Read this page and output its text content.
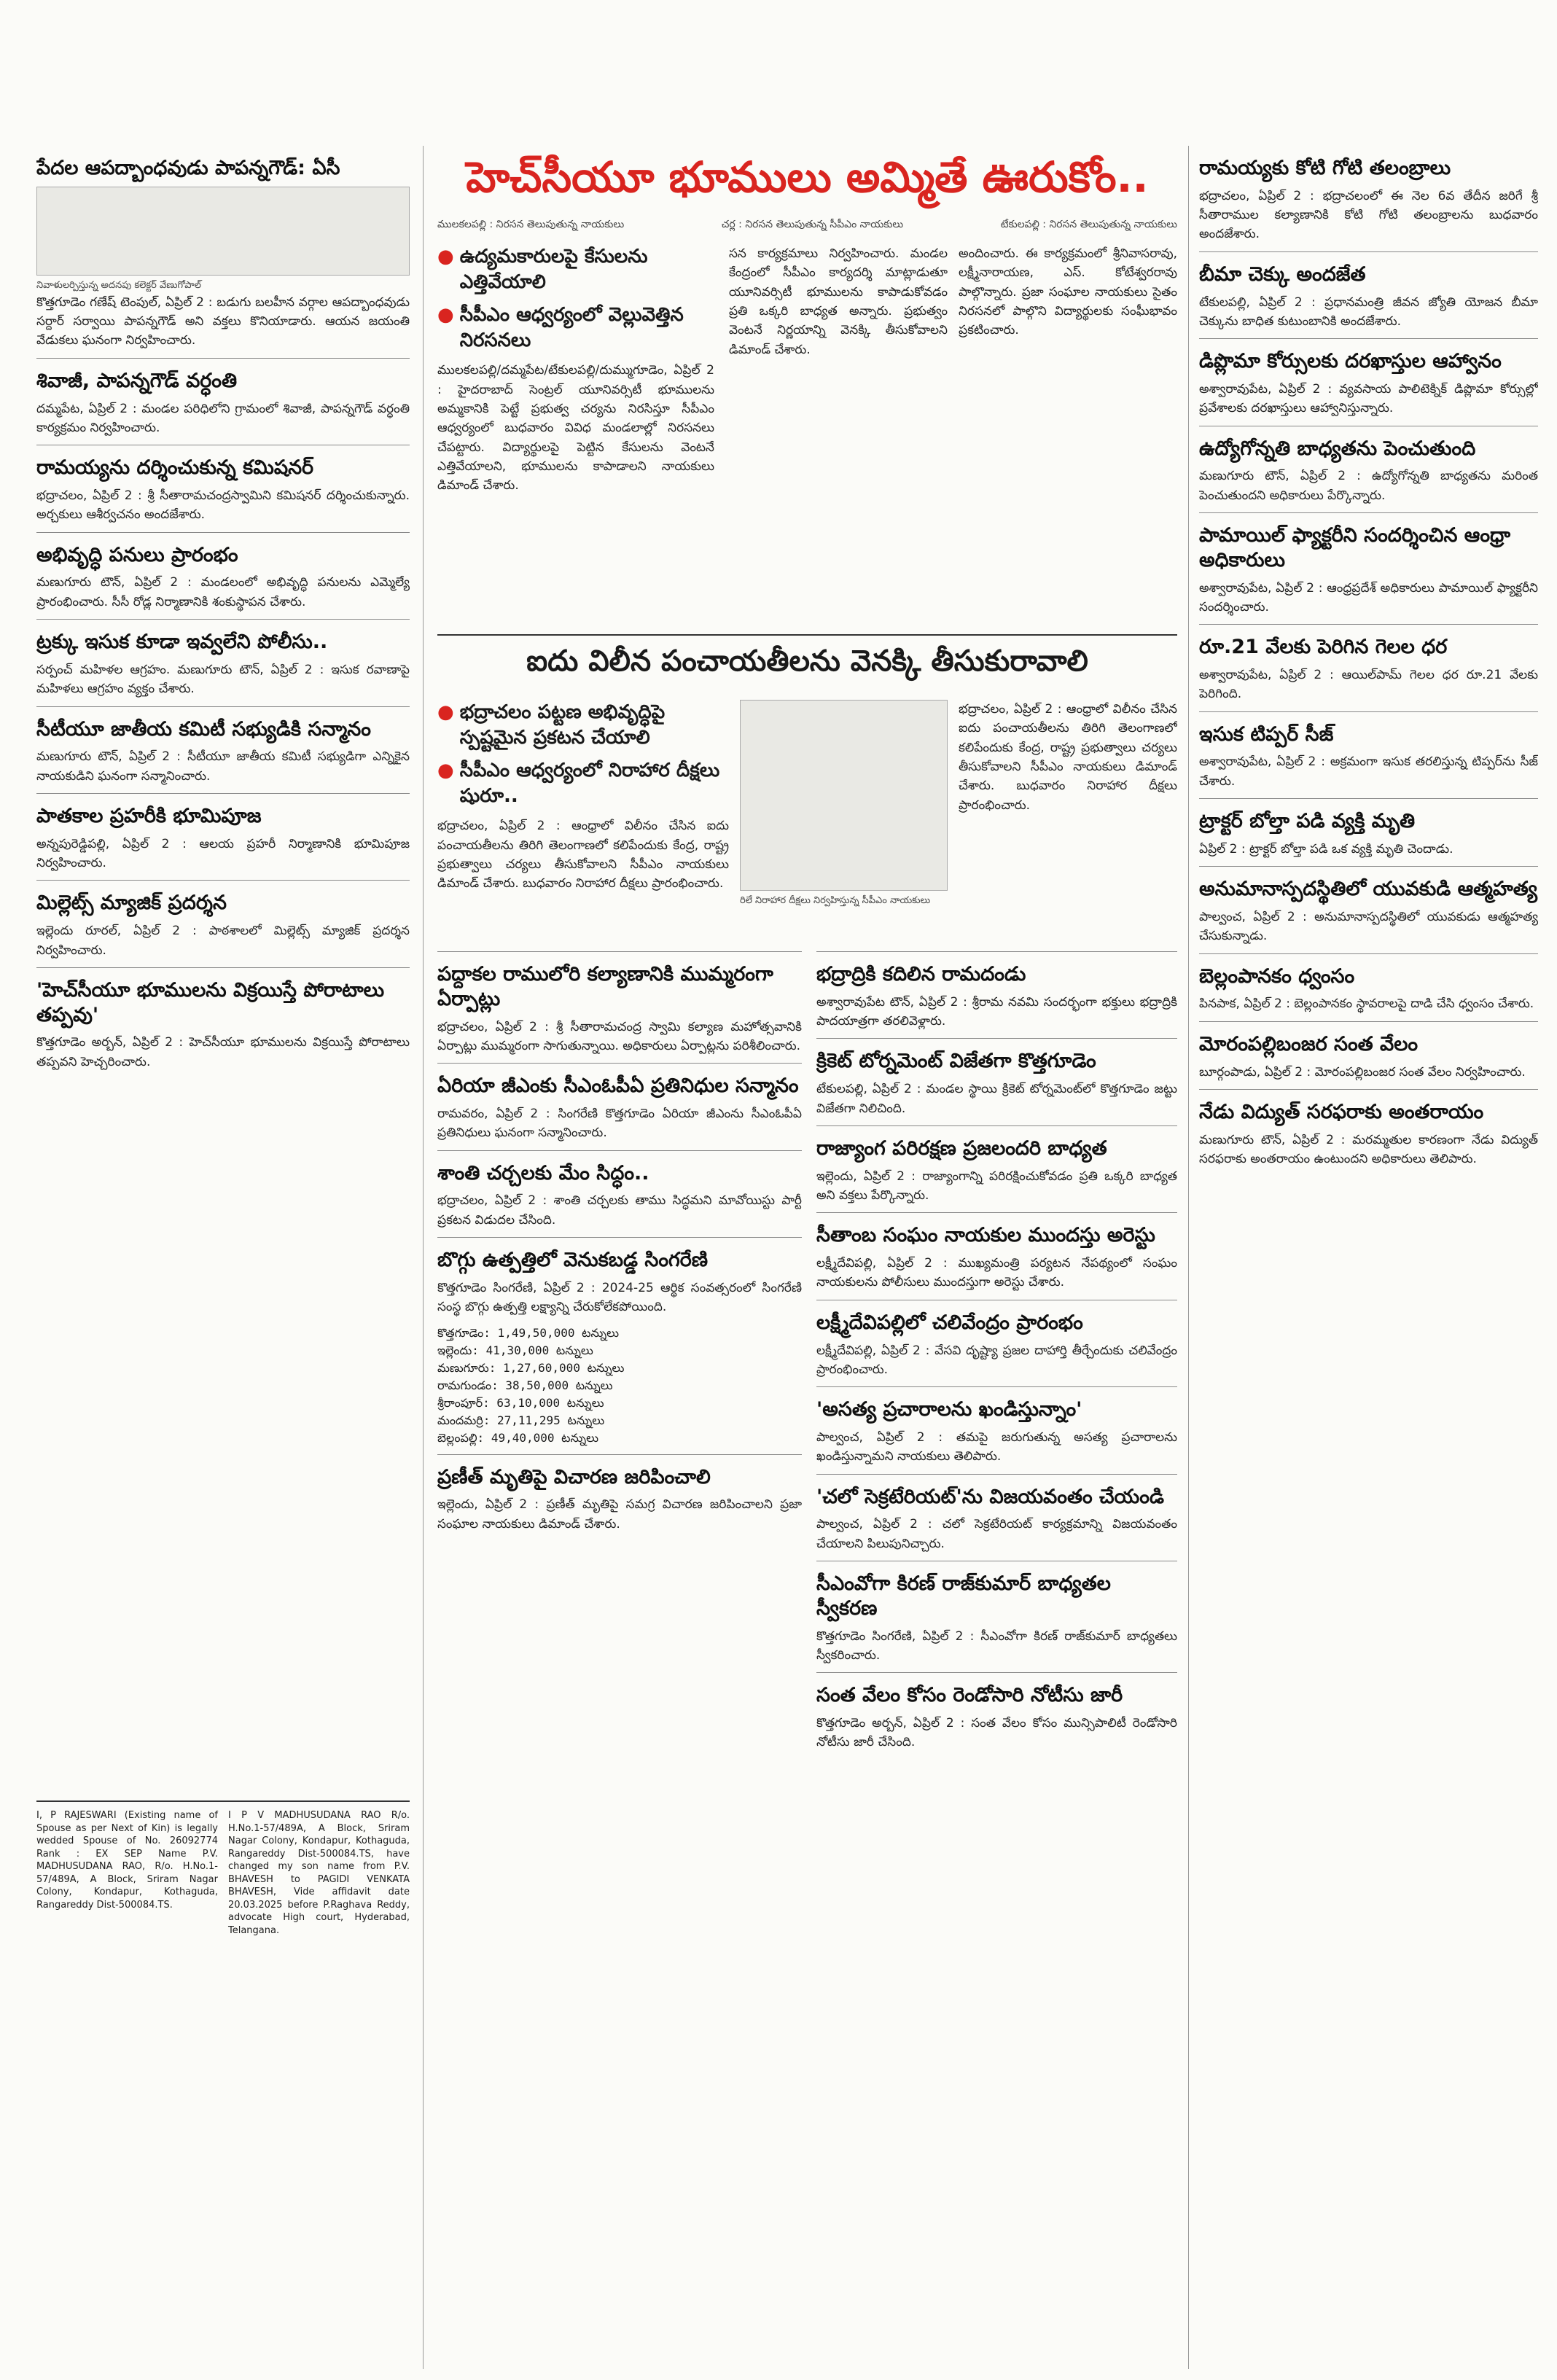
హెచ్‌సీయూ భూములు అమ్మితే ఊరుకోం..
ములకలపల్లి : నిరసన తెలుపుతున్న నాయకులు	చర్ల : నిరసన తెలుపుతున్న సీపీఎం నాయకులు	టేకులపల్లి : నిరసన తెలుపుతున్న నాయకులు
పేదల ఆపద్బాంధవుడు పాపన్నగౌడ్: ఏసీ
నివాళులర్పిస్తున్న అదనపు కలెక్టర్ వేణుగోపాల్

కొత్తగూడెం గణేష్ టెంపుల్, ఏప్రిల్ 2 : బడుగు బలహీన వర్గాల ఆపద్బాంధవుడు సర్దార్ సర్వాయి పాపన్నగౌడ్ అని వక్తలు కొనియాడారు. ఆయన జయంతి వేడుకలు ఘనంగా నిర్వహించారు.

శివాజీ, పాపన్నగౌడ్ వర్ధంతి

దమ్మపేట, ఏప్రిల్ 2 : మండల పరిధిలోని గ్రామంలో శివాజీ, పాపన్నగౌడ్ వర్ధంతి కార్యక్రమం నిర్వహించారు.

రామయ్యను దర్శించుకున్న కమిషనర్

భద్రాచలం, ఏప్రిల్ 2 : శ్రీ సీతారామచంద్రస్వామిని కమిషనర్ దర్శించుకున్నారు. అర్చకులు ఆశీర్వచనం అందజేశారు.

అభివృద్ధి పనులు ప్రారంభం

మణుగూరు టౌన్, ఏప్రిల్ 2 : మండలంలో అభివృద్ధి పనులను ఎమ్మెల్యే ప్రారంభించారు. సీసీ రోడ్ల నిర్మాణానికి శంకుస్థాపన చేశారు.

ట్రక్కు ఇసుక కూడా ఇవ్వలేని పోలీసు..

సర్పంచ్ మహిళల ఆగ్రహం. మణుగూరు టౌన్, ఏప్రిల్ 2 : ఇసుక రవాణాపై మహిళలు ఆగ్రహం వ్యక్తం చేశారు.

సీటీయూ జాతీయ కమిటీ సభ్యుడికి సన్మానం

మణుగూరు టౌన్, ఏప్రిల్ 2 : సీటీయూ జాతీయ కమిటీ సభ్యుడిగా ఎన్నికైన నాయకుడిని ఘనంగా సన్మానించారు.

పాతకాల ప్రహరీకి భూమిపూజ

అన్నపురెడ్డిపల్లి, ఏప్రిల్ 2 : ఆలయ ప్రహరీ నిర్మాణానికి భూమిపూజ నిర్వహించారు.

మిల్లెట్స్ మ్యాజిక్ ప్రదర్శన

ఇల్లెందు రూరల్, ఏప్రిల్ 2 : పాఠశాలలో మిల్లెట్స్ మ్యాజిక్ ప్రదర్శన నిర్వహించారు.

'హెచ్‌సీయూ భూములను విక్రయిస్తే పోరాటాలు తప్పవు'

కొత్తగూడెం అర్బన్, ఏప్రిల్ 2 : హెచ్‌సీయూ భూములను విక్రయిస్తే పోరాటాలు తప్పవని హెచ్చరించారు.

I, P RAJESWARI (Existing name of Spouse as per Next of Kin) is legally wedded Spouse of No. 26092774 Rank : EX SEP Name P.V. MADHUSUDANA RAO, R/o. H.No.1-57/489A, A Block, Sriram Nagar Colony, Kondapur, Kothaguda, Rangareddy Dist-500084.TS.
I P V MADHUSUDANA RAO R/o. H.No.1-57/489A, A Block, Sriram Nagar Colony, Kondapur, Kothaguda, Rangareddy Dist-500084.TS, have changed my son name from P.V. BHAVESH to PAGIDI VENKATA BHAVESH, Vide affidavit date 20.03.2025 before P.Raghava Reddy, advocate High court, Hyderabad, Telangana.
● ఉద్యమకారులపై కేసులను ఎత్తివేయాలి
● సీపీఎం ఆధ్వర్యంలో వెల్లువెత్తిన నిరసనలు

ములకలపల్లి/దమ్మపేట/టేకులపల్లి/దుమ్ముగూడెం, ఏప్రిల్ 2 : హైదరాబాద్ సెంట్రల్ యూనివర్సిటీ భూములను అమ్మకానికి పెట్టే ప్రభుత్వ చర్యను నిరసిస్తూ సీపీఎం ఆధ్వర్యంలో బుధవారం వివిధ మండలాల్లో నిరసనలు చేపట్టారు. విద్యార్థులపై పెట్టిన కేసులను వెంటనే ఎత్తివేయాలని, భూములను కాపాడాలని నాయకులు డిమాండ్ చేశారు.

సన కార్యక్రమాలు నిర్వహించారు. మండల కేంద్రంలో సీపీఎం కార్యదర్శి మాట్లాడుతూ యూనివర్సిటీ భూములను కాపాడుకోవడం ప్రతి ఒక్కరి బాధ్యత అన్నారు. ప్రభుత్వం వెంటనే నిర్ణయాన్ని వెనక్కి తీసుకోవాలని డిమాండ్ చేశారు.

అందించారు. ఈ కార్యక్రమంలో శ్రీనివాసరావు, లక్ష్మీనారాయణ, ఎస్. కోటేశ్వరరావు పాల్గొన్నారు. ప్రజా సంఘాల నాయకులు సైతం నిరసనలో పాల్గొని విద్యార్థులకు సంఘీభావం ప్రకటించారు.

ఐదు విలీన పంచాయతీలను వెనక్కి తీసుకురావాలి
● భద్రాచలం పట్టణ అభివృద్ధిపై స్పష్టమైన ప్రకటన చేయాలి
● సీపీఎం ఆధ్వర్యంలో నిరాహార దీక్షలు షురూ..

భద్రాచలం, ఏప్రిల్ 2 : ఆంధ్రాలో విలీనం చేసిన ఐదు పంచాయతీలను తిరిగి తెలంగాణలో కలిపేందుకు కేంద్ర, రాష్ట్ర ప్రభుత్వాలు చర్యలు తీసుకోవాలని సీపీఎం నాయకులు డిమాండ్ చేశారు. బుధవారం నిరాహార దీక్షలు ప్రారంభించారు.

రిలే నిరాహార దీక్షలు నిర్వహిస్తున్న సీపీఎం నాయకులు

భద్రాచలం, ఏప్రిల్ 2 : ఆంధ్రాలో విలీనం చేసిన ఐదు పంచాయతీలను తిరిగి తెలంగాణలో కలిపేందుకు కేంద్ర, రాష్ట్ర ప్రభుత్వాలు చర్యలు తీసుకోవాలని సీపీఎం నాయకులు డిమాండ్ చేశారు. బుధవారం నిరాహార దీక్షలు ప్రారంభించారు.

పద్దాకల రాములోరి కల్యాణానికి ముమ్మరంగా ఏర్పాట్లు

భద్రాచలం, ఏప్రిల్ 2 : శ్రీ సీతారామచంద్ర స్వామి కల్యాణ మహోత్సవానికి ఏర్పాట్లు ముమ్మరంగా సాగుతున్నాయి. అధికారులు ఏర్పాట్లను పరిశీలించారు.

ఏరియా జీఎంకు సీఎంఓపీఏ ప్రతినిధుల సన్మానం

రామవరం, ఏప్రిల్ 2 : సింగరేణి కొత్తగూడెం ఏరియా జీఎంను సీఎంఓపీఏ ప్రతినిధులు ఘనంగా సన్మానించారు.

శాంతి చర్చలకు మేం సిద్ధం..

భద్రాచలం, ఏప్రిల్ 2 : శాంతి చర్చలకు తాము సిద్ధమని మావోయిస్టు పార్టీ ప్రకటన విడుదల చేసింది.

బొగ్గు ఉత్పత్తిలో వెనుకబడ్డ సింగరేణి

కొత్తగూడెం సింగరేణి, ఏప్రిల్ 2 : 2024-25 ఆర్థిక సంవత్సరంలో సింగరేణి సంస్థ బొగ్గు ఉత్పత్తి లక్ష్యాన్ని చేరుకోలేకపోయింది.

కొత్తగూడెం: 1,49,50,000 టన్నులు
ఇల్లెందు: 41,30,000 టన్నులు
మణుగూరు: 1,27,60,000 టన్నులు
రామగుండం: 38,50,000 టన్నులు
శ్రీరాంపూర్: 63,10,000 టన్నులు
మందమర్రి: 27,11,295 టన్నులు
బెల్లంపల్లి: 49,40,000 టన్నులు
ప్రణీత్ మృతిపై విచారణ జరిపించాలి

ఇల్లెందు, ఏప్రిల్ 2 : ప్రణీత్ మృతిపై సమగ్ర విచారణ జరిపించాలని ప్రజా సంఘాల నాయకులు డిమాండ్ చేశారు.

భద్రాద్రికి కదిలిన రామదండు

అశ్వారావుపేట టౌన్, ఏప్రిల్ 2 : శ్రీరామ నవమి సందర్భంగా భక్తులు భద్రాద్రికి పాదయాత్రగా తరలివెళ్లారు.

క్రికెట్ టోర్నమెంట్ విజేతగా కొత్తగూడెం

టేకులపల్లి, ఏప్రిల్ 2 : మండల స్థాయి క్రికెట్ టోర్నమెంట్‌లో కొత్తగూడెం జట్టు విజేతగా నిలిచింది.

రాజ్యాంగ పరిరక్షణ ప్రజలందరి బాధ్యత

ఇల్లెందు, ఏప్రిల్ 2 : రాజ్యాంగాన్ని పరిరక్షించుకోవడం ప్రతి ఒక్కరి బాధ్యత అని వక్తలు పేర్కొన్నారు.

సీతాంబ సంఘం నాయకుల ముందస్తు అరెస్టు

లక్ష్మీదేవిపల్లి, ఏప్రిల్ 2 : ముఖ్యమంత్రి పర్యటన నేపథ్యంలో సంఘం నాయకులను పోలీసులు ముందస్తుగా అరెస్టు చేశారు.

లక్ష్మీదేవిపల్లిలో చలివేంద్రం ప్రారంభం

లక్ష్మీదేవిపల్లి, ఏప్రిల్ 2 : వేసవి దృష్ట్యా ప్రజల దాహార్తి తీర్చేందుకు చలివేంద్రం ప్రారంభించారు.

'అసత్య ప్రచారాలను ఖండిస్తున్నాం'

పాల్వంచ, ఏప్రిల్ 2 : తమపై జరుగుతున్న అసత్య ప్రచారాలను ఖండిస్తున్నామని నాయకులు తెలిపారు.

'చలో సెక్రటేరియట్'ను విజయవంతం చేయండి

పాల్వంచ, ఏప్రిల్ 2 : చలో సెక్రటేరియట్ కార్యక్రమాన్ని విజయవంతం చేయాలని పిలుపునిచ్చారు.

సీఎంవోగా కిరణ్ రాజ్‌కుమార్ బాధ్యతల స్వీకరణ

కొత్తగూడెం సింగరేణి, ఏప్రిల్ 2 : సీఎంవోగా కిరణ్ రాజ్‌కుమార్ బాధ్యతలు స్వీకరించారు.

సంత వేలం కోసం రెండోసారి నోటీసు జారీ

కొత్తగూడెం అర్బన్, ఏప్రిల్ 2 : సంత వేలం కోసం మున్సిపాలిటీ రెండోసారి నోటీసు జారీ చేసింది.

రామయ్యకు కోటి గోటి తలంబ్రాలు

భద్రాచలం, ఏప్రిల్ 2 : భద్రాచలంలో ఈ నెల 6వ తేదీన జరిగే శ్రీ సీతారాముల కల్యాణానికి కోటి గోటి తలంబ్రాలను బుధవారం అందజేశారు.

బీమా చెక్కు అందజేత

టేకులపల్లి, ఏప్రిల్ 2 : ప్రధానమంత్రి జీవన జ్యోతి యోజన బీమా చెక్కును బాధిత కుటుంబానికి అందజేశారు.

డిప్లొమా కోర్సులకు దరఖాస్తుల ఆహ్వానం

అశ్వారావుపేట, ఏప్రిల్ 2 : వ్యవసాయ పాలిటెక్నిక్ డిప్లొమా కోర్సుల్లో ప్రవేశాలకు దరఖాస్తులు ఆహ్వానిస్తున్నారు.

ఉద్యోగోన్నతి బాధ్యతను పెంచుతుంది

మణుగూరు టౌన్, ఏప్రిల్ 2 : ఉద్యోగోన్నతి బాధ్యతను మరింత పెంచుతుందని అధికారులు పేర్కొన్నారు.

పామాయిల్ ఫ్యాక్టరీని సందర్శించిన ఆంధ్రా అధికారులు

అశ్వారావుపేట, ఏప్రిల్ 2 : ఆంధ్రప్రదేశ్ అధికారులు పామాయిల్ ఫ్యాక్టరీని సందర్శించారు.

రూ.21 వేలకు పెరిగిన గెలల ధర

అశ్వారావుపేట, ఏప్రిల్ 2 : ఆయిల్‌పామ్ గెలల ధర రూ.21 వేలకు పెరిగింది.

ఇసుక టిప్పర్ సీజ్

అశ్వారావుపేట, ఏప్రిల్ 2 : అక్రమంగా ఇసుక తరలిస్తున్న టిప్పర్‌ను సీజ్ చేశారు.

ట్రాక్టర్ బోల్తా పడి వ్యక్తి మృతి

ఏప్రిల్ 2 : ట్రాక్టర్ బోల్తా పడి ఒక వ్యక్తి మృతి చెందాడు.

అనుమానాస్పదస్థితిలో యువకుడి ఆత్మహత్య

పాల్వంచ, ఏప్రిల్ 2 : అనుమానాస్పదస్థితిలో యువకుడు ఆత్మహత్య చేసుకున్నాడు.

బెల్లంపానకం ధ్వంసం

పినపాక, ఏప్రిల్ 2 : బెల్లంపానకం స్థావరాలపై దాడి చేసి ధ్వంసం చేశారు.

మోరంపల్లిబంజర సంత వేలం

బూర్గంపాడు, ఏప్రిల్ 2 : మోరంపల్లిబంజర సంత వేలం నిర్వహించారు.

నేడు విద్యుత్ సరఫరాకు అంతరాయం

మణుగూరు టౌన్, ఏప్రిల్ 2 : మరమ్మతుల కారణంగా నేడు విద్యుత్ సరఫరాకు అంతరాయం ఉంటుందని అధికారులు తెలిపారు.
